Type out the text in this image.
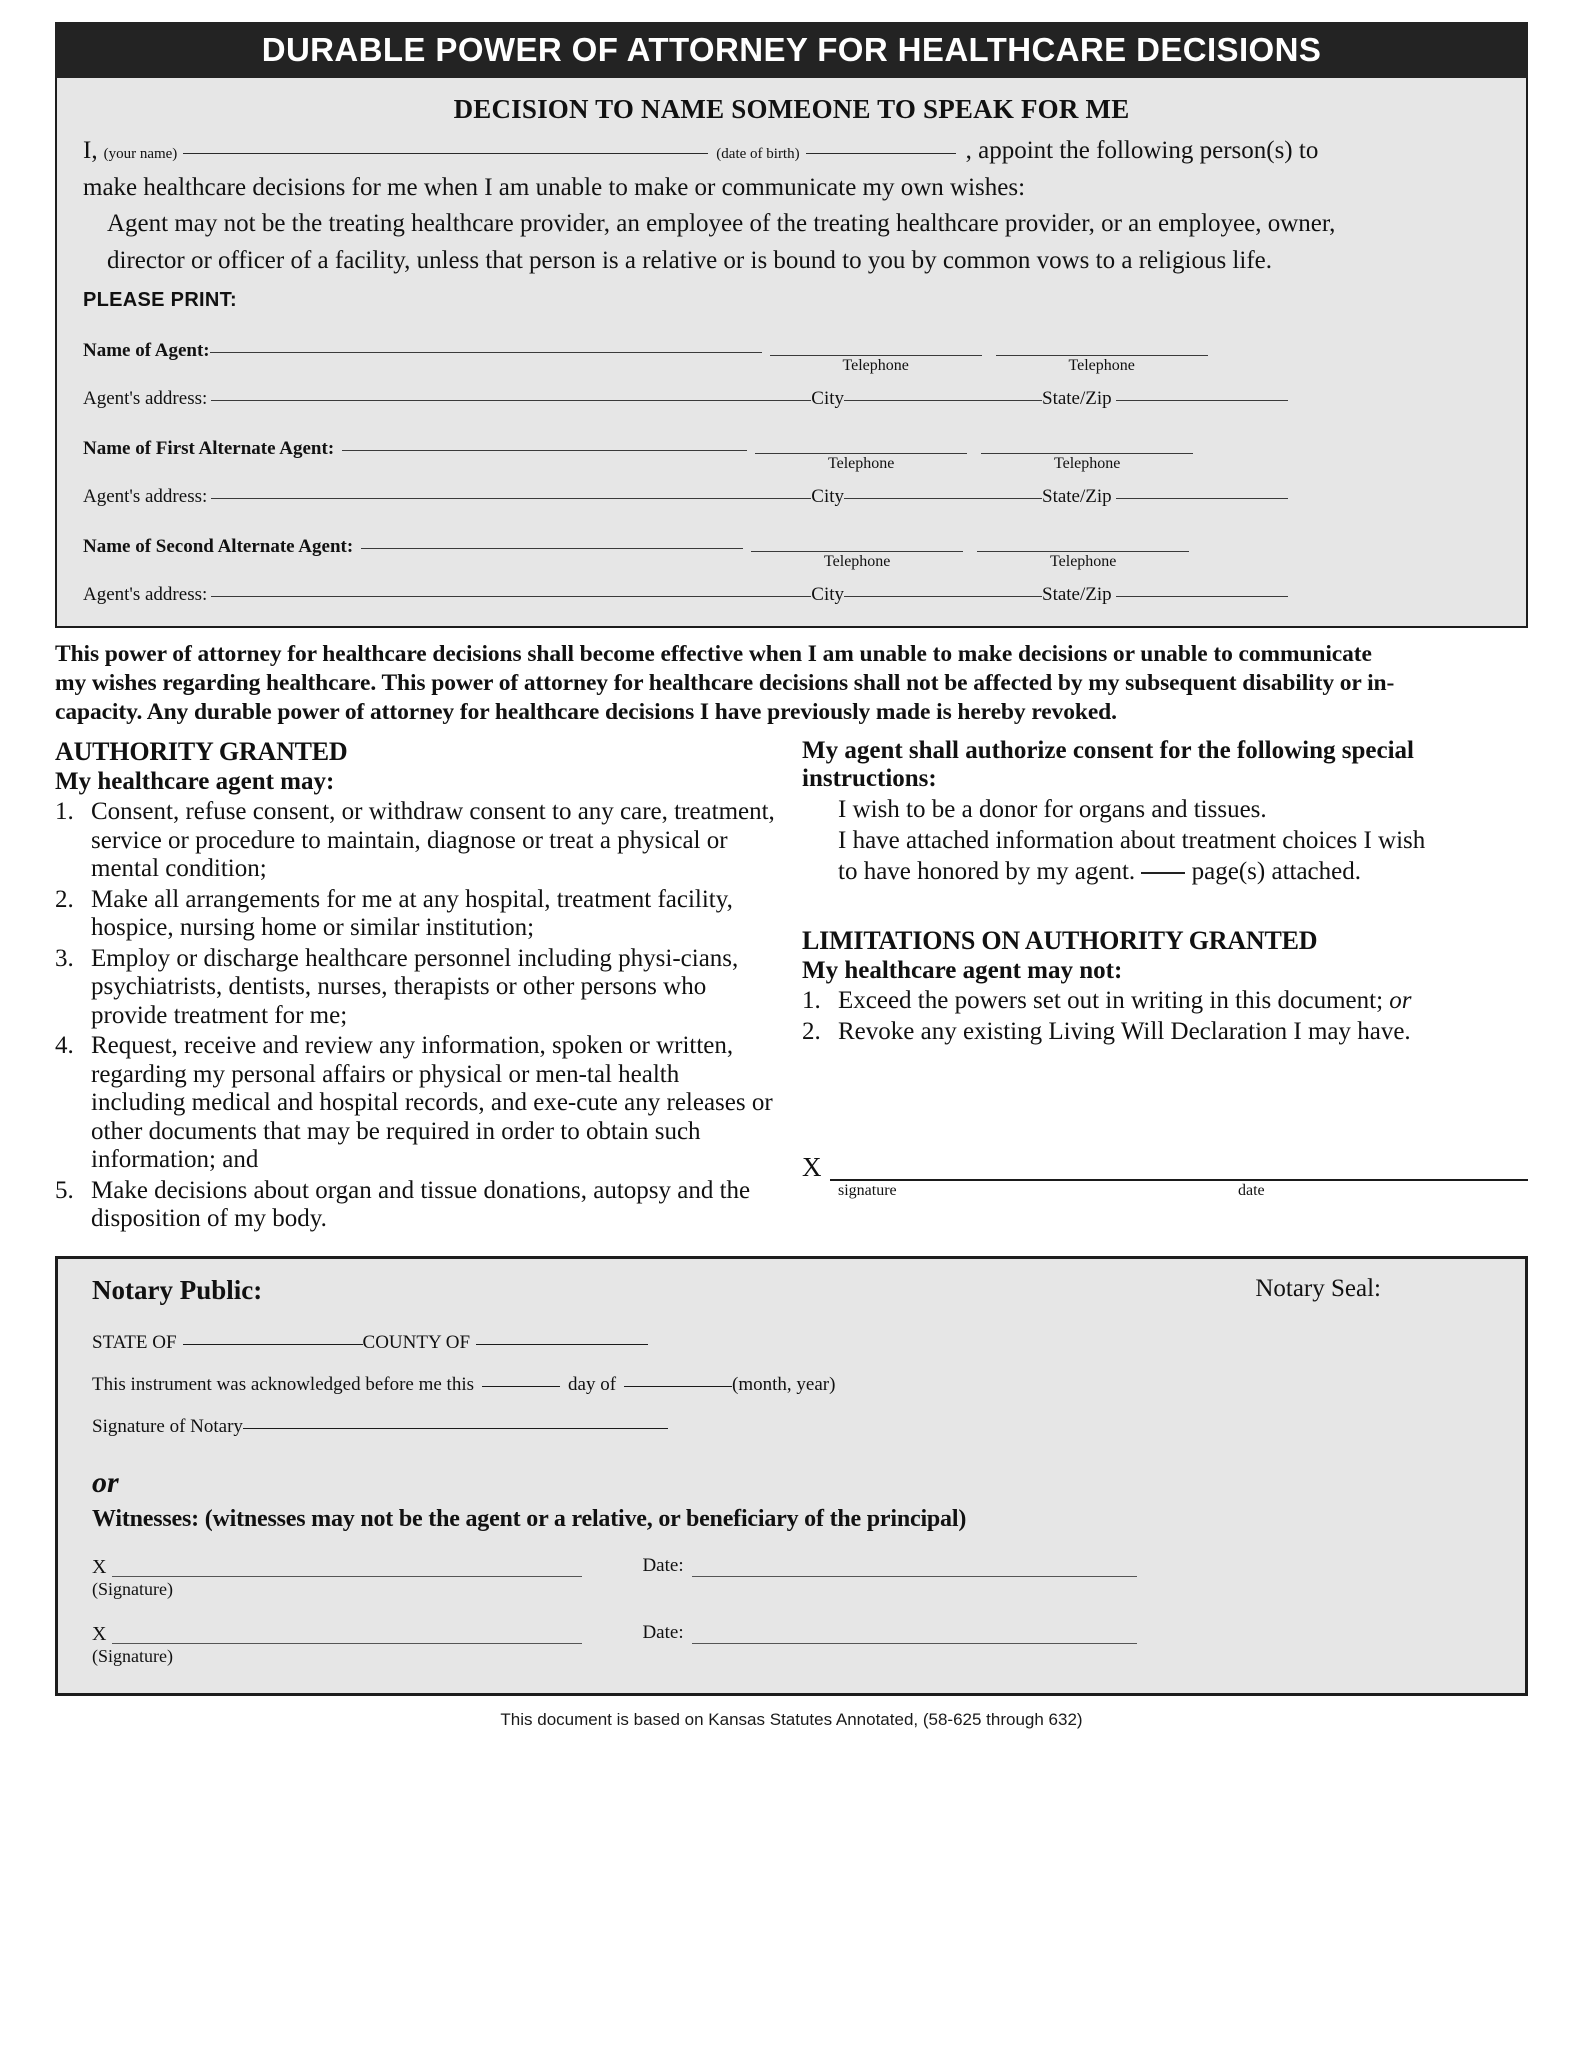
DURABLE POWER OF ATTORNEY FOR HEALTHCARE DECISIONS
DECISION TO NAME SOMEONE TO SPEAK FOR ME
I, (your name)	(date of birth)	, appoint the following person(s) to
make healthcare decisions for me when I am unable to make or communicate my own wishes:
Agent may not be the treating healthcare provider, an employee of the treating healthcare provider, or an employee, owner,
director or officer of a facility, unless that person is a relative or is bound to you by common vows to a religious life.
PLEASE PRINT:
Name of Agent:
Telephone	Telephone
Agent's address:	City	State/Zip
Name of First Alternate Agent:
Telephone	Telephone
Agent's address:	City	State/Zip
Name of Second Alternate Agent:
Telephone	Telephone
Agent's address:	City	State/Zip
This power of attorney for healthcare decisions shall become effective when I am unable to make decisions or unable to communicate
my wishes regarding healthcare. This power of attorney for healthcare decisions shall not be affected by my subsequent disability or in-
capacity. Any durable power of attorney for healthcare decisions I have previously made is hereby revoked.
AUTHORITY GRANTED
My healthcare agent may:
1. Consent, refuse consent, or withdraw consent to any care, treatment, service or procedure to maintain, diagnose or treat a physical or mental condition;
2. Make all arrangements for me at any hospital, treatment facility, hospice, nursing home or similar institution;
3. Employ or discharge healthcare personnel including physi-cians, psychiatrists, dentists, nurses, therapists or other persons who provide treatment for me;
4. Request, receive and review any information, spoken or written, regarding my personal affairs or physical or men-tal health including medical and hospital records, and exe-cute any releases or other documents that may be required in order to obtain such information; and
5. Make decisions about organ and tissue donations, autopsy and the disposition of my body.
My agent shall authorize consent for the following special
instructions:
I wish to be a donor for organs and tissues.
I have attached information about treatment choices I wish
to have honored by my agent. page(s) attached.
LIMITATIONS ON AUTHORITY GRANTED
My healthcare agent may not:
1. Exceed the powers set out in writing in this document; or
2. Revoke any existing Living Will Declaration I may have.
X
signature	date
Notary Public:	Notary Seal:
STATE OF	COUNTY OF
This instrument was acknowledged before me this	day of	(month, year)
Signature of Notary
or
Witnesses: (witnesses may not be the agent or a relative, or beneficiary of the principal)
X	Date:
(Signature)
X	Date:
(Signature)
This document is based on Kansas Statutes Annotated, (58-625 through 632)
